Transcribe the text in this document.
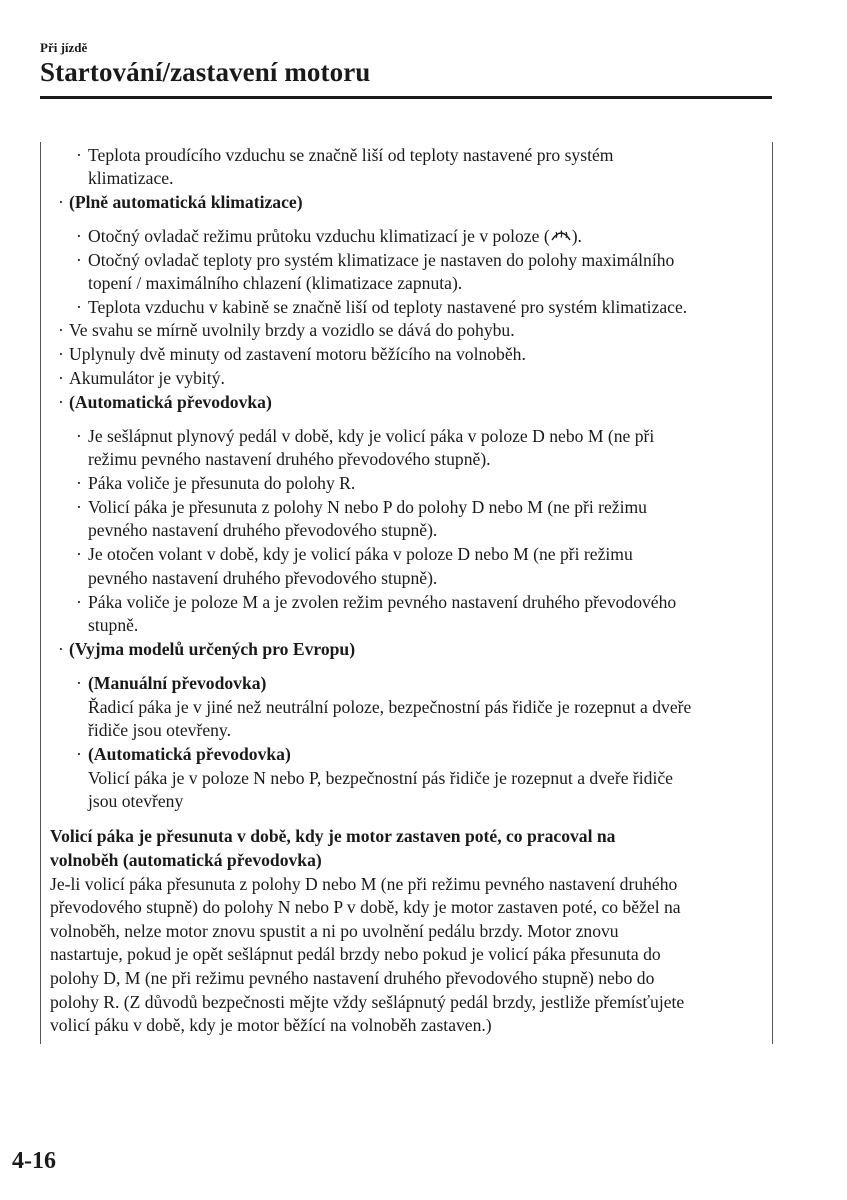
Při jízdě
Startování/zastavení motoru
·
·
·
·
·
·
·
·
·
·
·
·
·
·
·
·
·
Teplota proudícího vzduchu se značně liší od teploty nastavené pro systém
klimatizace.
(Plně automatická klimatizace)
Otočný ovladač režimu průtoku vzduchu klimatizací je v poloze ( ).
Otočný ovladač teploty pro systém klimatizace je nastaven do polohy maximálního
topení / maximálního chlazení (klimatizace zapnuta).
Teplota vzduchu v kabině se značně liší od teploty nastavené pro systém klimatizace.
Ve svahu se mírně uvolnily brzdy a vozidlo se dává do pohybu.
Uplynuly dvě minuty od zastavení motoru běžícího na volnoběh.
Akumulátor je vybitý.
(Automatická převodovka)
Je sešlápnut plynový pedál v době, kdy je volicí páka v poloze D nebo M (ne při
režimu pevného nastavení druhého převodového stupně).
Páka voliče je přesunuta do polohy R.
Volicí páka je přesunuta z polohy N nebo P do polohy D nebo M (ne při režimu
pevného nastavení druhého převodového stupně).
Je otočen volant v době, kdy je volicí páka v poloze D nebo M (ne při režimu
pevného nastavení druhého převodového stupně).
Páka voliče je poloze M a je zvolen režim pevného nastavení druhého převodového
stupně.
(Vyjma modelů určených pro Evropu)
(Manuální převodovka)
Řadicí páka je v jiné než neutrální poloze, bezpečnostní pás řidiče je rozepnut a dveře
řidiče jsou otevřeny.
(Automatická převodovka)
Volicí páka je v poloze N nebo P, bezpečnostní pás řidiče je rozepnut a dveře řidiče
jsou otevřeny
Volicí páka je přesunuta v době, kdy je motor zastaven poté, co pracoval na
volnoběh (automatická převodovka)
Je-li volicí páka přesunuta z polohy D nebo M (ne při režimu pevného nastavení druhého
převodového stupně) do polohy N nebo P v době, kdy je motor zastaven poté, co běžel na
volnoběh, nelze motor znovu spustit a ni po uvolnění pedálu brzdy. Motor znovu
nastartuje, pokud je opět sešlápnut pedál brzdy nebo pokud je volicí páka přesunuta do
polohy D, M (ne při režimu pevného nastavení druhého převodového stupně) nebo do
polohy R. (Z důvodů bezpečnosti mějte vždy sešlápnutý pedál brzdy, jestliže přemísťujete
volicí páku v době, kdy je motor běžící na volnoběh zastaven.)
4-16
